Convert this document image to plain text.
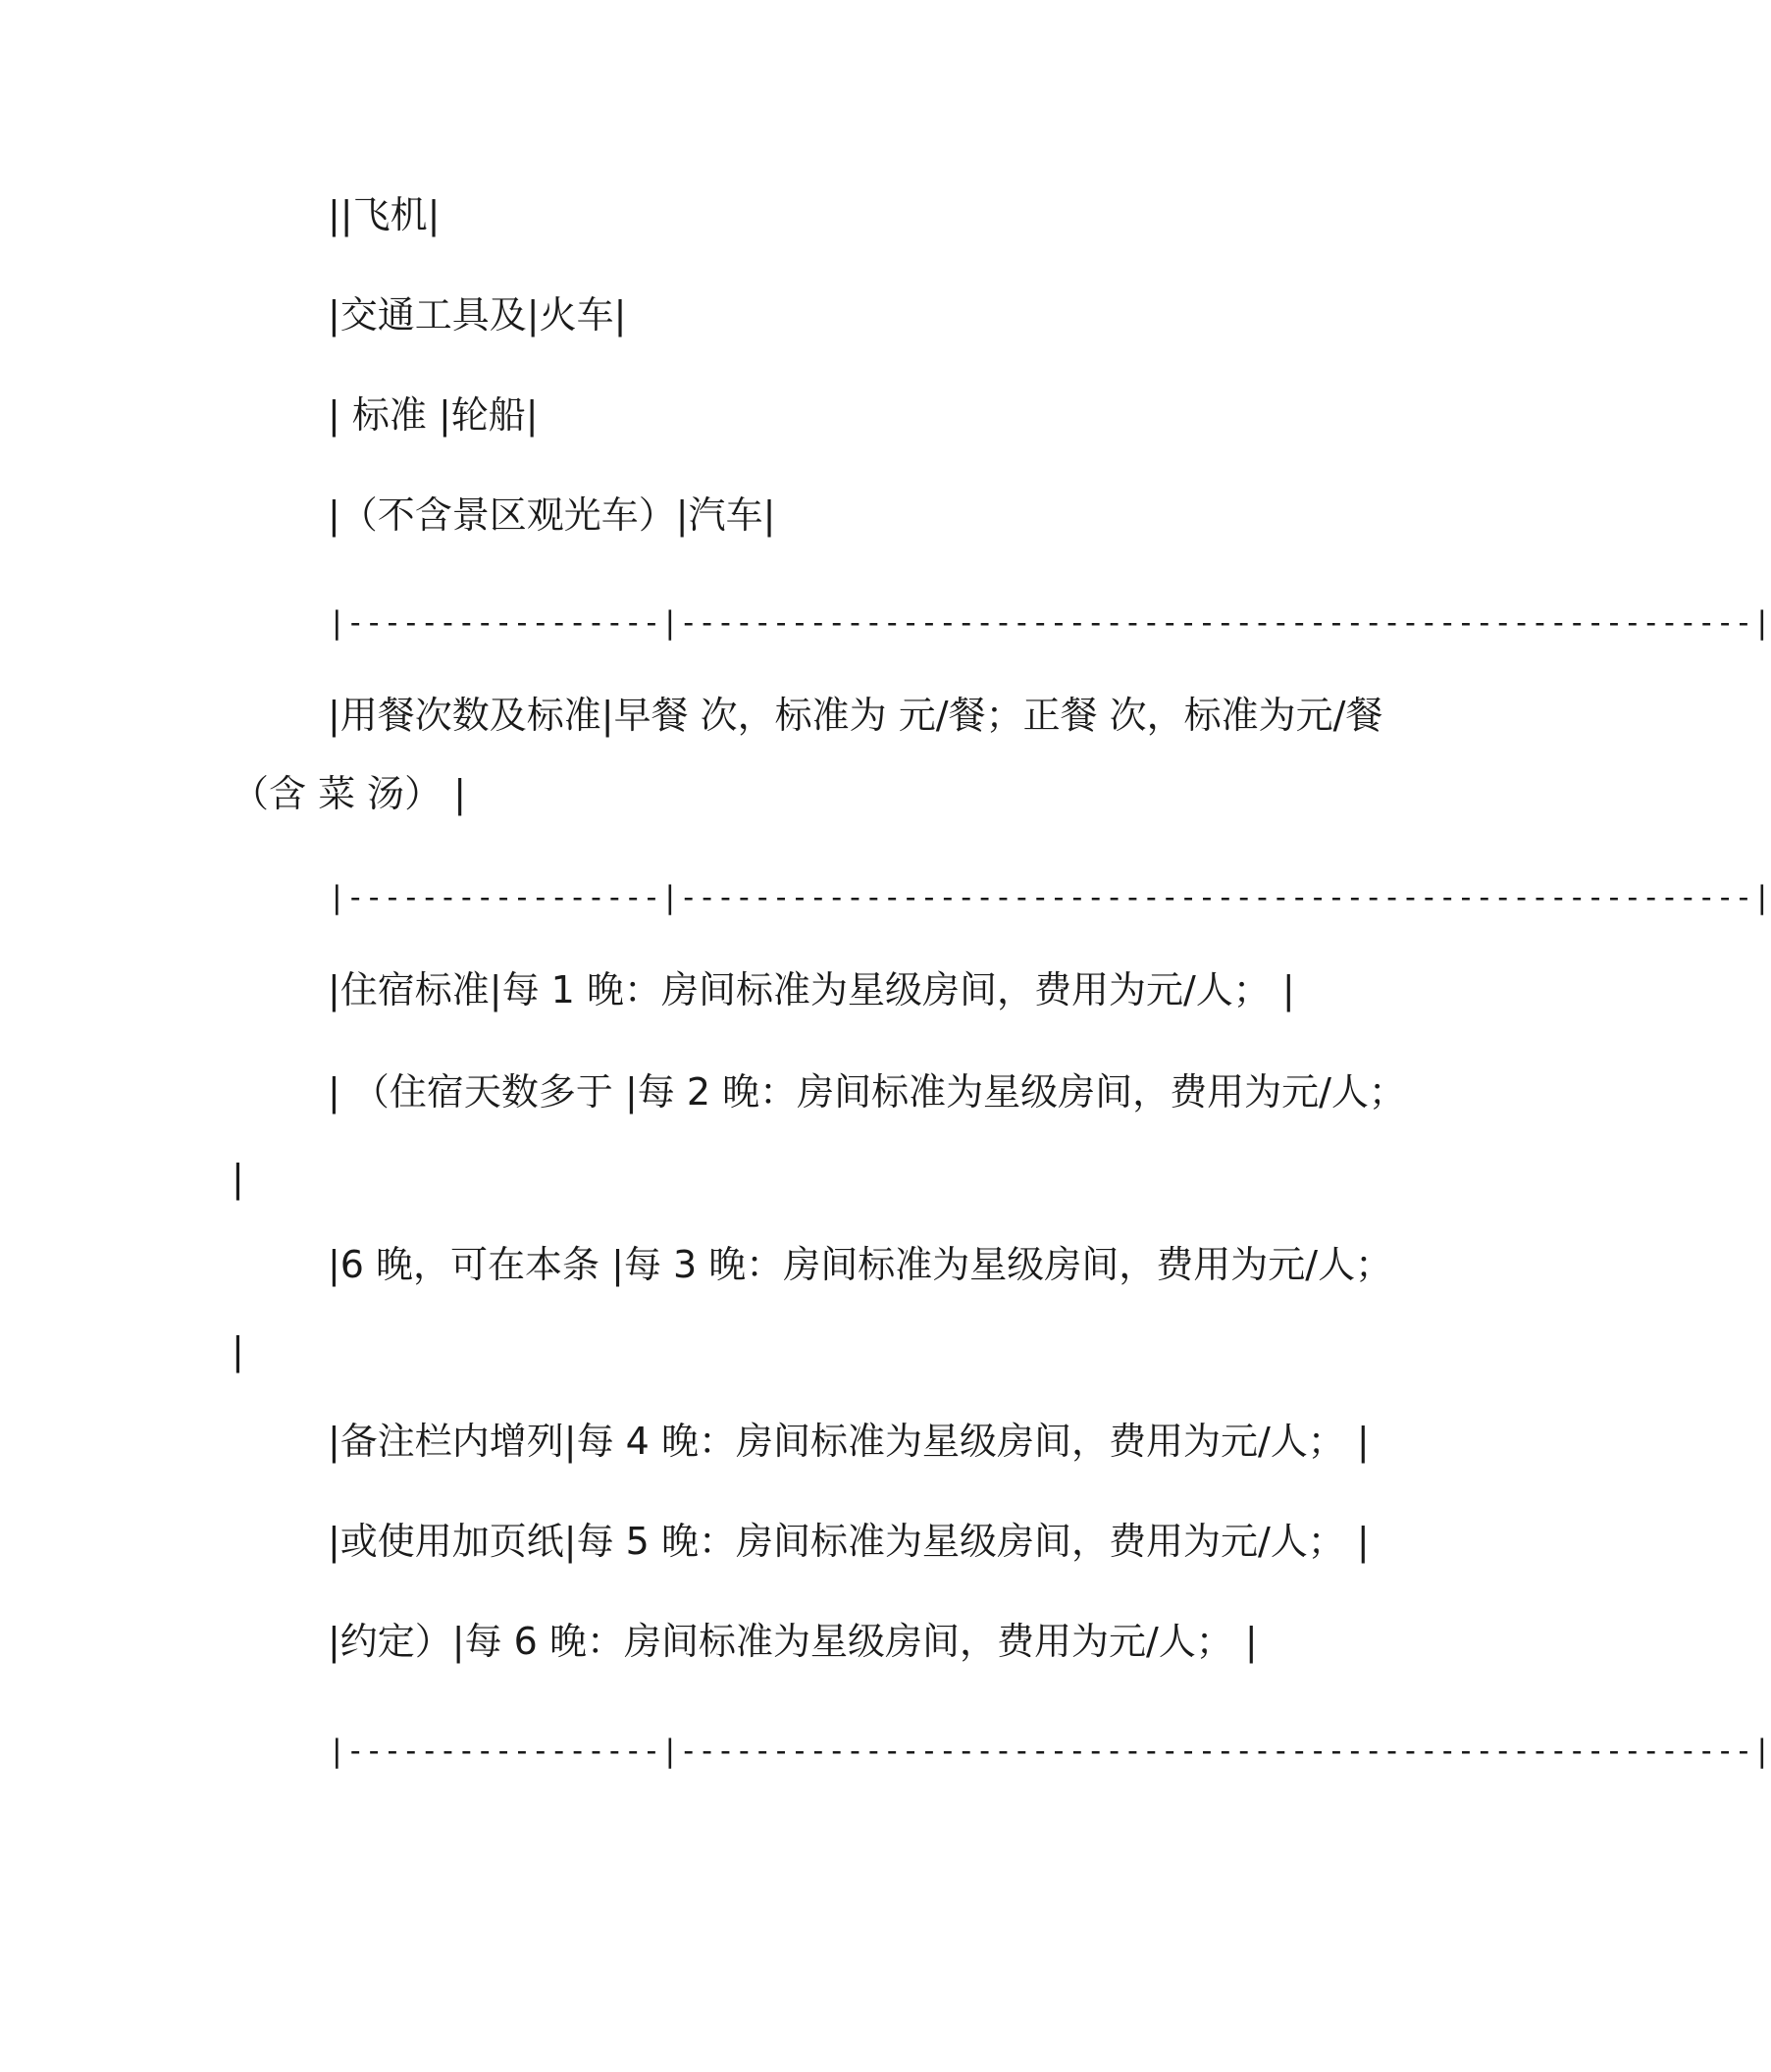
||飞机|
|交通工具及|火车|
| 标准 |轮船|
|（不含景区观光车）|汽车|
|-----------------|----------------------------------------------------------|
|用餐次数及标准|早餐 次，标准为 元/餐；正餐 次，标准为元/餐
（含 菜 汤） |
|-----------------|----------------------------------------------------------|
|住宿标准|每 1 晚：房间标准为星级房间，费用为元/人； |
| （住宿天数多于 |每 2 晚：房间标准为星级房间，费用为元/人；
|
|6 晚，可在本条 |每 3 晚：房间标准为星级房间，费用为元/人；
|
|备注栏内增列|每 4 晚：房间标准为星级房间，费用为元/人； |
|或使用加页纸|每 5 晚：房间标准为星级房间，费用为元/人； |
|约定）|每 6 晚：房间标准为星级房间，费用为元/人； |
|-----------------|----------------------------------------------------------|
